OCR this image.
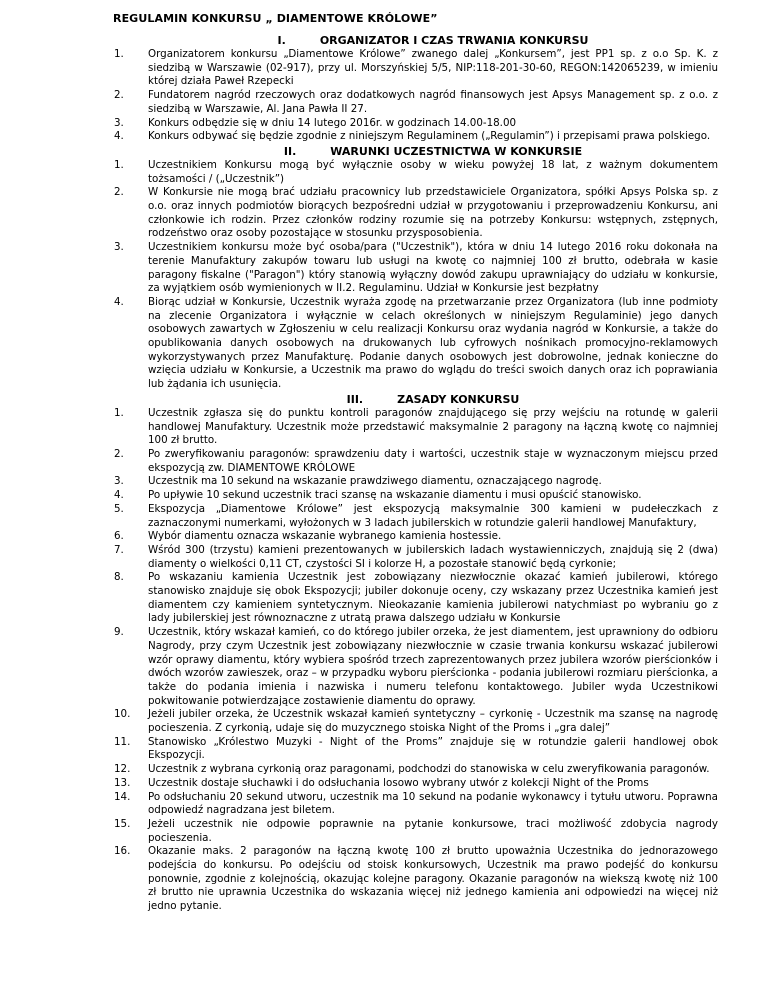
REGULAMIN KONKURSU „ DIAMENTOWE KRÓLOWE”
I.	ORGANIZATOR I CZAS TRWANIA KONKURSU
1. Organizatorem konkursu „Diamentowe Królowe” zwanego dalej „Konkursem”, jest PP1 sp. z o.o Sp. K. z siedzibą w Warszawie (02-917), przy ul. Morszyńskiej 5/5, NIP:118-201-30-60, REGON:142065239, w imieniu której działa Paweł Rzepecki
2. Fundatorem nagród rzeczowych oraz dodatkowych nagród finansowych jest Apsys Management sp. z o.o. z siedzibą w Warszawie, Al. Jana Pawła II 27.
3. Konkurs odbędzie się w dniu 14 lutego 2016r. w godzinach 14.00-18.00
4. Konkurs odbywać się będzie zgodnie z niniejszym Regulaminem („Regulamin”) i przepisami prawa polskiego.
II.	WARUNKI UCZESTNICTWA W KONKURSIE
1. Uczestnikiem Konkursu mogą być wyłącznie osoby w wieku powyżej 18 lat, z ważnym dokumentem tożsamości / („Uczestnik”)
2. W Konkursie nie mogą brać udziału pracownicy lub przedstawiciele Organizatora, spółki Apsys Polska sp. z o.o. oraz innych podmiotów biorących bezpośredni udział w przygotowaniu i przeprowadzeniu Konkursu, ani członkowie ich rodzin. Przez członków rodziny rozumie się na potrzeby Konkursu: wstępnych, zstępnych, rodzeństwo oraz osoby pozostające w stosunku przysposobienia.
3. Uczestnikiem konkursu może być osoba/para ("Uczestnik"), która w dniu 14 lutego 2016 roku dokonała na terenie Manufaktury zakupów towaru lub usługi na kwotę co najmniej 100 zł brutto, odebrała w kasie paragony fiskalne ("Paragon") który stanowią wyłączny dowód zakupu uprawniający do udziału w konkursie, za wyjątkiem osób wymienionych w II.2. Regulaminu. Udział w Konkursie jest bezpłatny
4. Biorąc udział w Konkursie, Uczestnik wyraża zgodę na przetwarzanie przez Organizatora (lub inne podmioty na zlecenie Organizatora i wyłącznie w celach określonych w niniejszym Regulaminie) jego danych osobowych zawartych w Zgłoszeniu w celu realizacji Konkursu oraz wydania nagród w Konkursie, a także do opublikowania danych osobowych na drukowanych lub cyfrowych nośnikach promocyjno-reklamowych wykorzystywanych przez Manufakturę. Podanie danych osobowych jest dobrowolne, jednak konieczne do wzięcia udziału w Konkursie, a Uczestnik ma prawo do wglądu do treści swoich danych oraz ich poprawiania lub żądania ich usunięcia.
III.	ZASADY KONKURSU
1. Uczestnik zgłasza się do punktu kontroli paragonów znajdującego się przy wejściu na rotundę w galerii handlowej Manufaktury. Uczestnik może przedstawić maksymalnie 2 paragony na łączną kwotę co najmniej 100 zł brutto.
2. Po zweryfikowaniu paragonów: sprawdzeniu daty i wartości, uczestnik staje w wyznaczonym miejscu przed ekspozycją zw. DIAMENTOWE KRÓLOWE
3. Uczestnik ma 10 sekund na wskazanie prawdziwego diamentu, oznaczającego nagrodę.
4. Po upływie 10 sekund uczestnik traci szansę na wskazanie diamentu i musi opuścić stanowisko.
5. Ekspozycja „Diamentowe Królowe” jest ekspozycją maksymalnie 300 kamieni w pudełeczkach z zaznaczonymi numerkami, wyłożonych w 3 ladach jubilerskich w rotundzie galerii handlowej Manufaktury,
6. Wybór diamentu oznacza wskazanie wybranego kamienia hostessie.
7. Wśród 300 (trzystu) kamieni prezentowanych w jubilerskich ladach wystawienniczych, znajdują się 2 (dwa) diamenty o wielkości 0,11 CT, czystości SI i kolorze H, a pozostałe stanowić będą cyrkonie;
8. Po wskazaniu kamienia Uczestnik jest zobowiązany niezwłocznie okazać kamień jubilerowi, którego stanowisko znajduje się obok Ekspozycji; jubiler dokonuje oceny, czy wskazany przez Uczestnika kamień jest diamentem czy kamieniem syntetycznym. Nieokazanie kamienia jubilerowi natychmiast po wybraniu go z lady jubilerskiej jest równoznaczne z utratą prawa dalszego udziału w Konkursie
9. Uczestnik, który wskazał kamień, co do którego jubiler orzeka, że jest diamentem, jest uprawniony do odbioru Nagrody, przy czym Uczestnik jest zobowiązany niezwłocznie w czasie trwania konkursu wskazać jubilerowi wzór oprawy diamentu, który wybiera spośród trzech zaprezentowanych przez jubilera wzorów pierścionków i dwóch wzorów zawieszek, oraz – w przypadku wyboru pierścionka - podania jubilerowi rozmiaru pierścionka, a także do podania imienia i nazwiska i numeru telefonu kontaktowego. Jubiler wyda Uczestnikowi pokwitowanie potwierdzające zostawienie diamentu do oprawy.
10. Jeżeli jubiler orzeka, że Uczestnik wskazał kamień syntetyczny – cyrkonię - Uczestnik ma szansę na nagrodę pocieszenia. Z cyrkonią, udaje się do muzycznego stoiska Night of the Proms i „gra dalej”
11. Stanowisko „Królestwo Muzyki - Night of the Proms” znajduje się w rotundzie galerii handlowej obok Ekspozycji.
12. Uczestnik z wybrana cyrkonią oraz paragonami, podchodzi do stanowiska w celu zweryfikowania paragonów.
13. Uczestnik dostaje słuchawki i do odsłuchania losowo wybrany utwór z kolekcji Night of the Proms
14. Po odsłuchaniu 20 sekund utworu, uczestnik ma 10 sekund na podanie wykonawcy i tytułu utworu. Poprawna odpowiedź nagradzana jest biletem.
15. Jeżeli uczestnik nie odpowie poprawnie na pytanie konkursowe, traci możliwość zdobycia nagrody pocieszenia.
16. Okazanie maks. 2 paragonów na łączną kwotę 100 zł brutto upoważnia Uczestnika do jednorazowego podejścia do konkursu. Po odejściu od stoisk konkursowych, Uczestnik ma prawo podejść do konkursu ponownie, zgodnie z kolejnością, okazując kolejne paragony. Okazanie paragonów na wiekszą kwotę niż 100 zł brutto nie uprawnia Uczestnika do wskazania więcej niż jednego kamienia ani odpowiedzi na więcej niż jedno pytanie.
